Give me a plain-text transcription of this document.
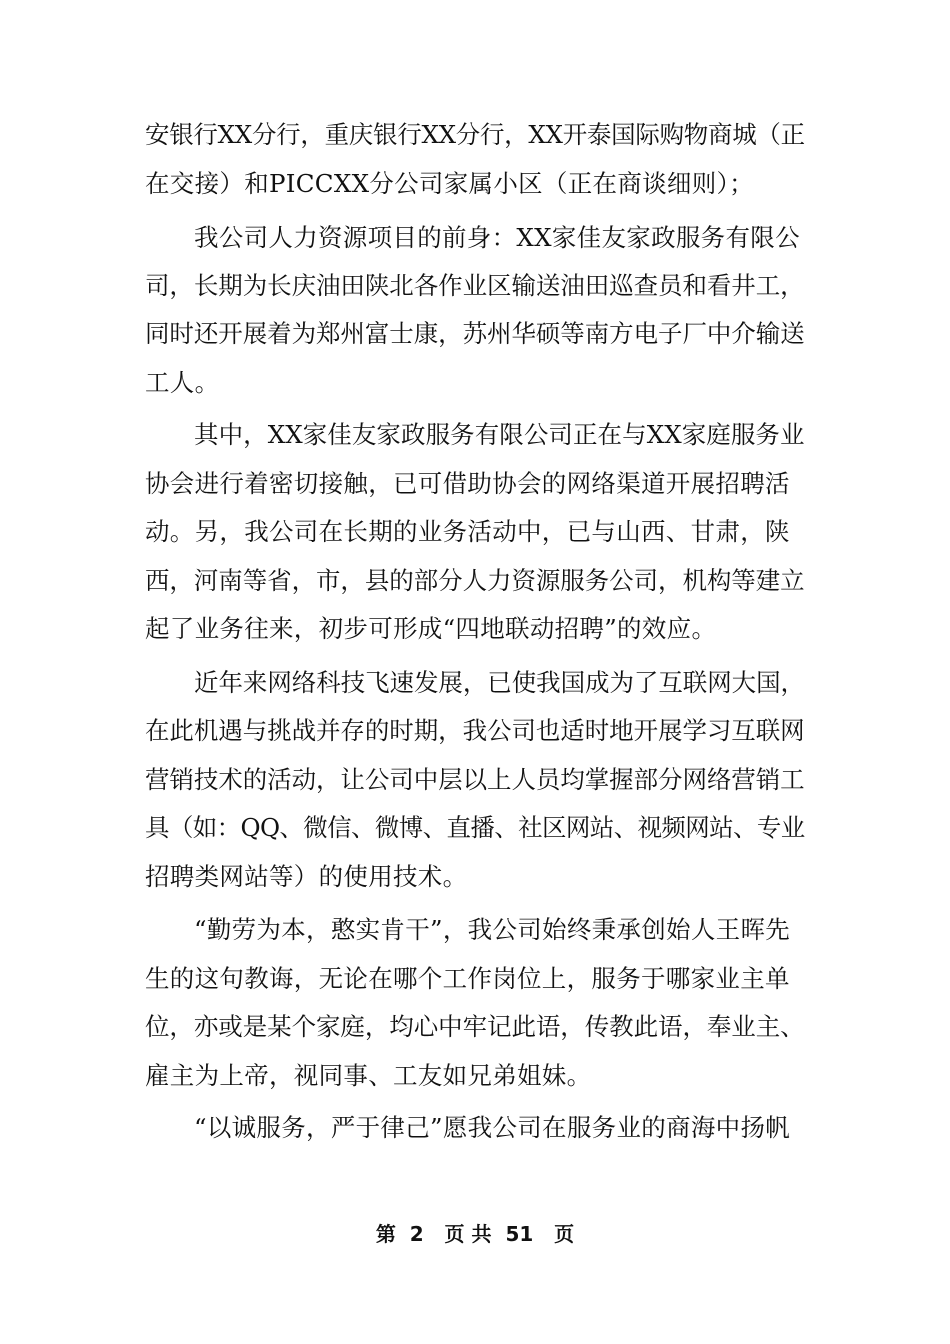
安银行XX分行，重庆银行XX分行，XX开泰国际购物商城（正
在交接）和PICCXX分公司家属小区（正在商谈细则）；
我公司人力资源项目的前身：XX家佳友家政服务有限公
司，长期为长庆油田陕北各作业区输送油田巡查员和看井工，
同时还开展着为郑州富士康，苏州华硕等南方电子厂中介输送
工人。
其中，XX家佳友家政服务有限公司正在与XX家庭服务业
协会进行着密切接触，已可借助协会的网络渠道开展招聘活
动。另，我公司在长期的业务活动中，已与山西、甘肃，陕
西，河南等省，市，县的部分人力资源服务公司，机构等建立
起了业务往来，初步可形成“四地联动招聘”的效应。
近年来网络科技飞速发展，已使我国成为了互联网大国，
在此机遇与挑战并存的时期，我公司也适时地开展学习互联网
营销技术的活动，让公司中层以上人员均掌握部分网络营销工
具（如：QQ、微信、微博、直播、社区网站、视频网站、专业
招聘类网站等）的使用技术。
“勤劳为本，憨实肯干”，我公司始终秉承创始人王晖先
生的这句教诲，无论在哪个工作岗位上，服务于哪家业主单
位，亦或是某个家庭，均心中牢记此语，传教此语，奉业主、
雇主为上帝，视同事、工友如兄弟姐妹。
“以诚服务，严于律己”愿我公司在服务业的商海中扬帆
第  2   页 共  51   页
